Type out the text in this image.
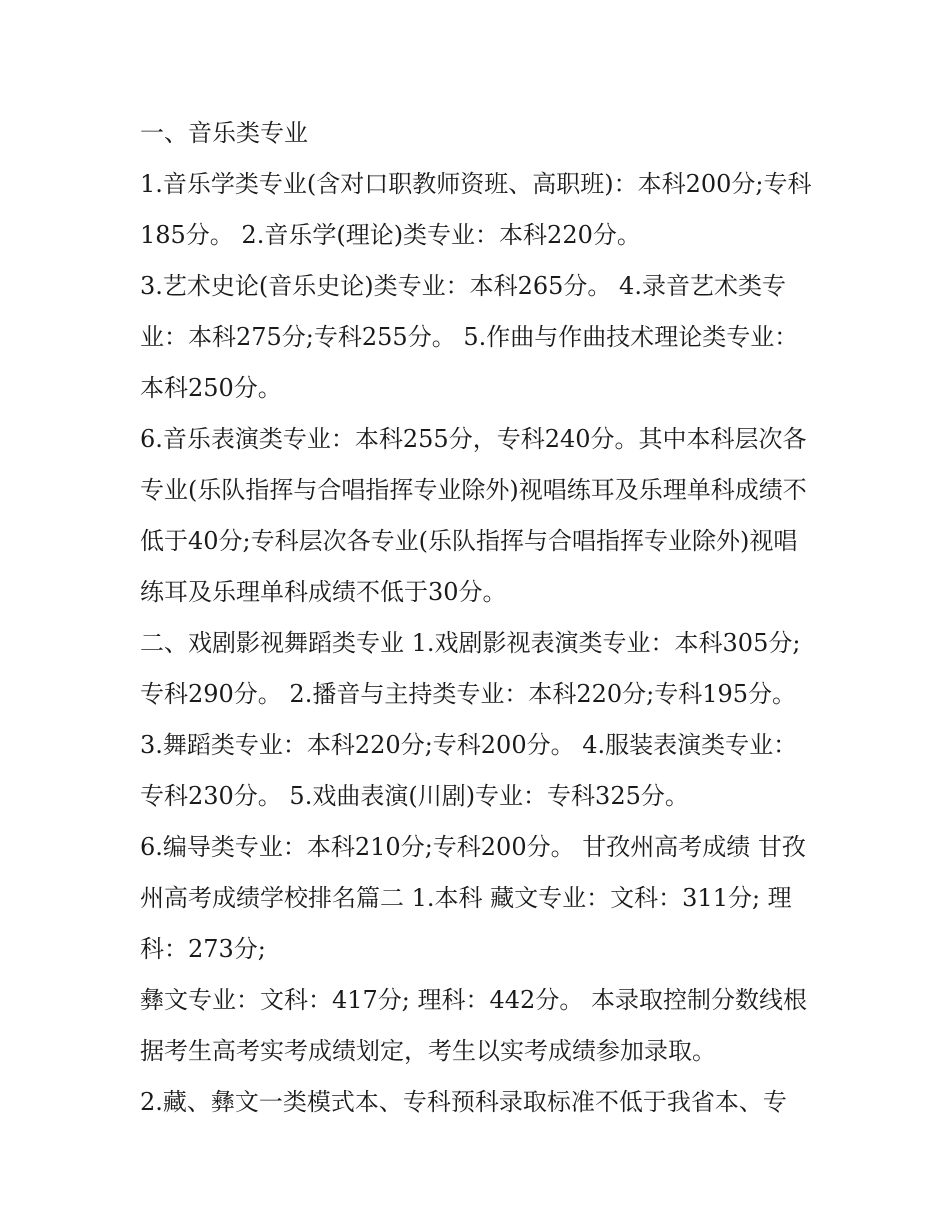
一、音乐类专业

1.音乐学类专业(含对口职教师资班、高职班)：本科200分;专科185分。 2.音乐学(理论)类专业：本科220分。

3.艺术史论(音乐史论)类专业：本科265分。 4.录音艺术类专业：本科275分;专科255分。 5.作曲与作曲技术理论类专业：本科250分。

6.音乐表演类专业：本科255分，专科240分。其中本科层次各专业(乐队指挥与合唱指挥专业除外)视唱练耳及乐理单科成绩不低于40分;专科层次各专业(乐队指挥与合唱指挥专业除外)视唱练耳及乐理单科成绩不低于30分。

二、戏剧影视舞蹈类专业 1.戏剧影视表演类专业：本科305分;专科290分。 2.播音与主持类专业：本科220分;专科195分。

3.舞蹈类专业：本科220分;专科200分。 4.服装表演类专业：专科230分。 5.戏曲表演(川剧)专业：专科325分。

6.编导类专业：本科210分;专科200分。 甘孜州高考成绩 甘孜州高考成绩学校排名篇二 1.本科 藏文专业：文科：311分; 理科：273分;

彝文专业：文科：417分; 理科：442分。 本录取控制分数线根据考生高考实考成绩划定，考生以实考成绩参加录取。

2.藏、彝文一类模式本、专科预科录取标准不低于我省本、专
